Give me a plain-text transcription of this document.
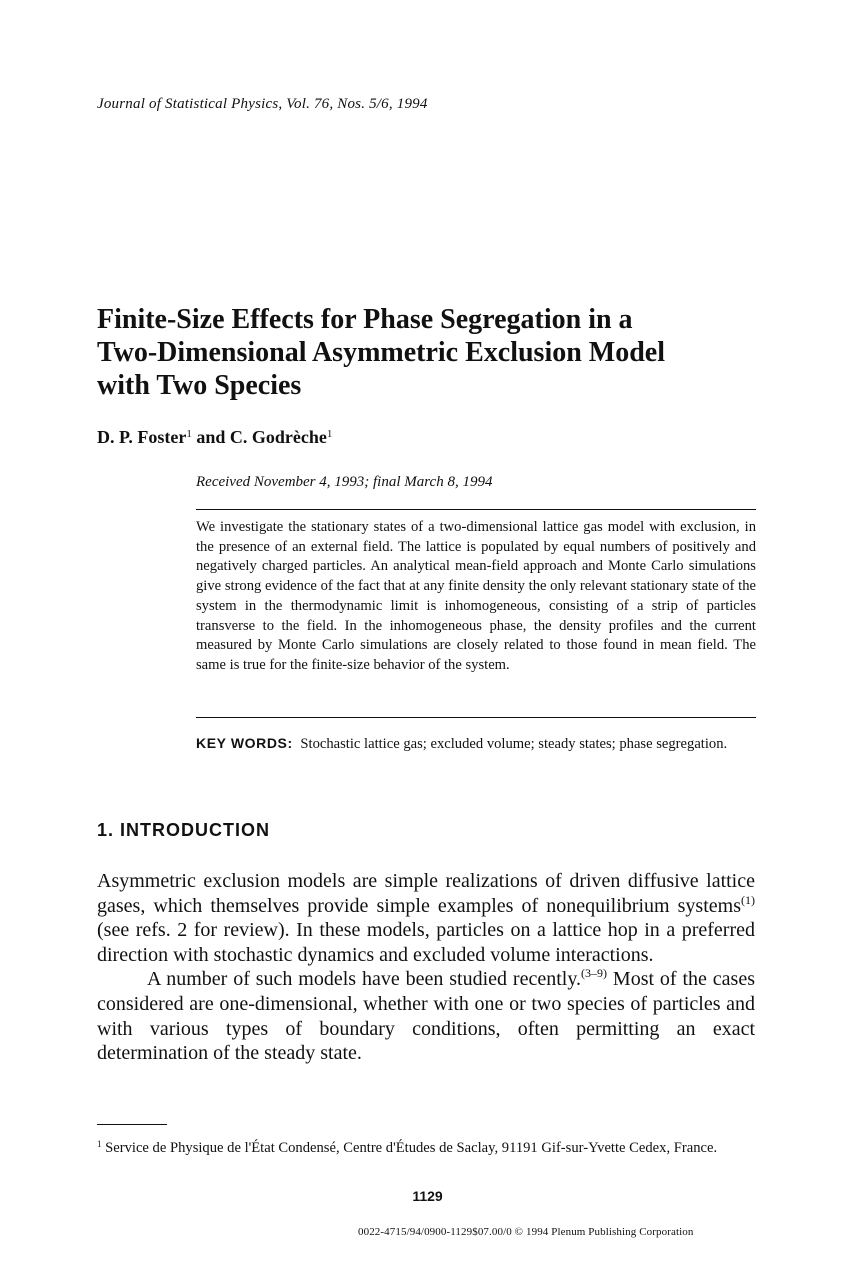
Journal of Statistical Physics, Vol. 76, Nos. 5/6, 1994
Finite-Size Effects for Phase Segregation in a
Two-Dimensional Asymmetric Exclusion Model
with Two Species
D. P. Foster$^1$ and C. Godrèche$^1$
Received November 4, 1993; final March 8, 1994

We investigate the stationary states of a two-dimensional lattice gas model with exclusion, in the presence of an external field. The lattice is populated by equal numbers of positively and negatively charged particles. An analytical mean-field approach and Monte Carlo simulations give strong evidence of the fact that at any finite density the only relevant stationary state of the system in the thermodynamic limit is inhomogeneous, consisting of a strip of particles transverse to the field. In the inhomogeneous phase, the density profiles and the current measured by Monte Carlo simulations are closely related to those found in mean field. The same is true for the finite-size behavior of the system.

KEY WORDS: Stochastic lattice gas; excluded volume; steady states; phase segregation.

1. INTRODUCTION

Asymmetric exclusion models are simple realizations of driven diffusive lattice gases, which themselves provide simple examples of nonequilibrium systems$^{(1)}$ (see refs. 2 for review). In these models, particles on a lattice hop in a preferred direction with stochastic dynamics and excluded volume interactions.

A number of such models have been studied recently.$^{(3-9)}$ Most of the cases considered are one-dimensional, whether with one or two species of particles and with various types of boundary conditions, often permitting an exact determination of the steady state.

$^1$ Service de Physique de l'État Condensé, Centre d'Études de Saclay, 91191 Gif-sur-Yvette Cedex, France.

1129
0022-4715/94/0900-1129$07.00/0 © 1994 Plenum Publishing Corporation
